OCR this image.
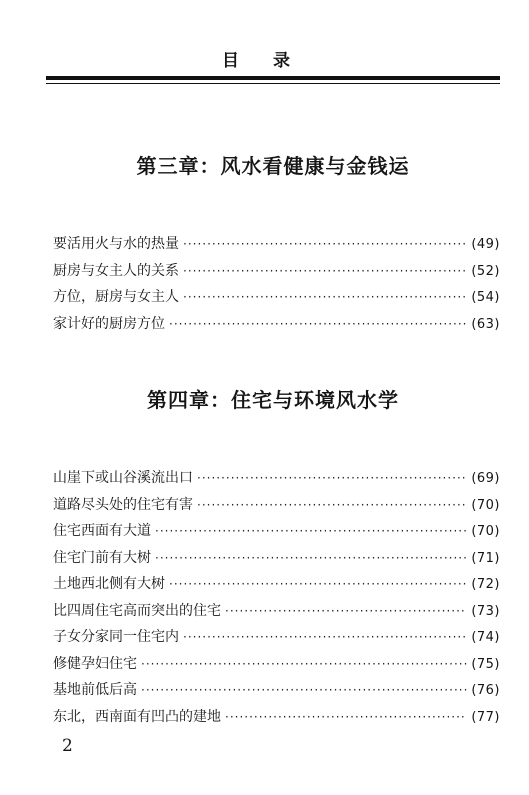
目录
第三章：风水看健康与金钱运
要活用火与水的热量 ·····	(49)
厨房与女主人的关系 ·····	(52)
方位，厨房与女主人 ·····	(54)
家计好的厨房方位 ·····	(63)
第四章：住宅与环境风水学
山崖下或山谷溪流出口 ·····	(69)
道路尽头处的住宅有害 ·····	(70)
住宅西面有大道 ·····	(70)
住宅门前有大树 ·····	(71)
土地西北侧有大树 ·····	(72)
比四周住宅高而突出的住宅 ·····	(73)
子女分家同一住宅内 ·····	(74)
修健孕妇住宅 ·····	(75)
基地前低后高 ·····	(76)
东北，西南面有凹凸的建地 ·····	(77)
2
